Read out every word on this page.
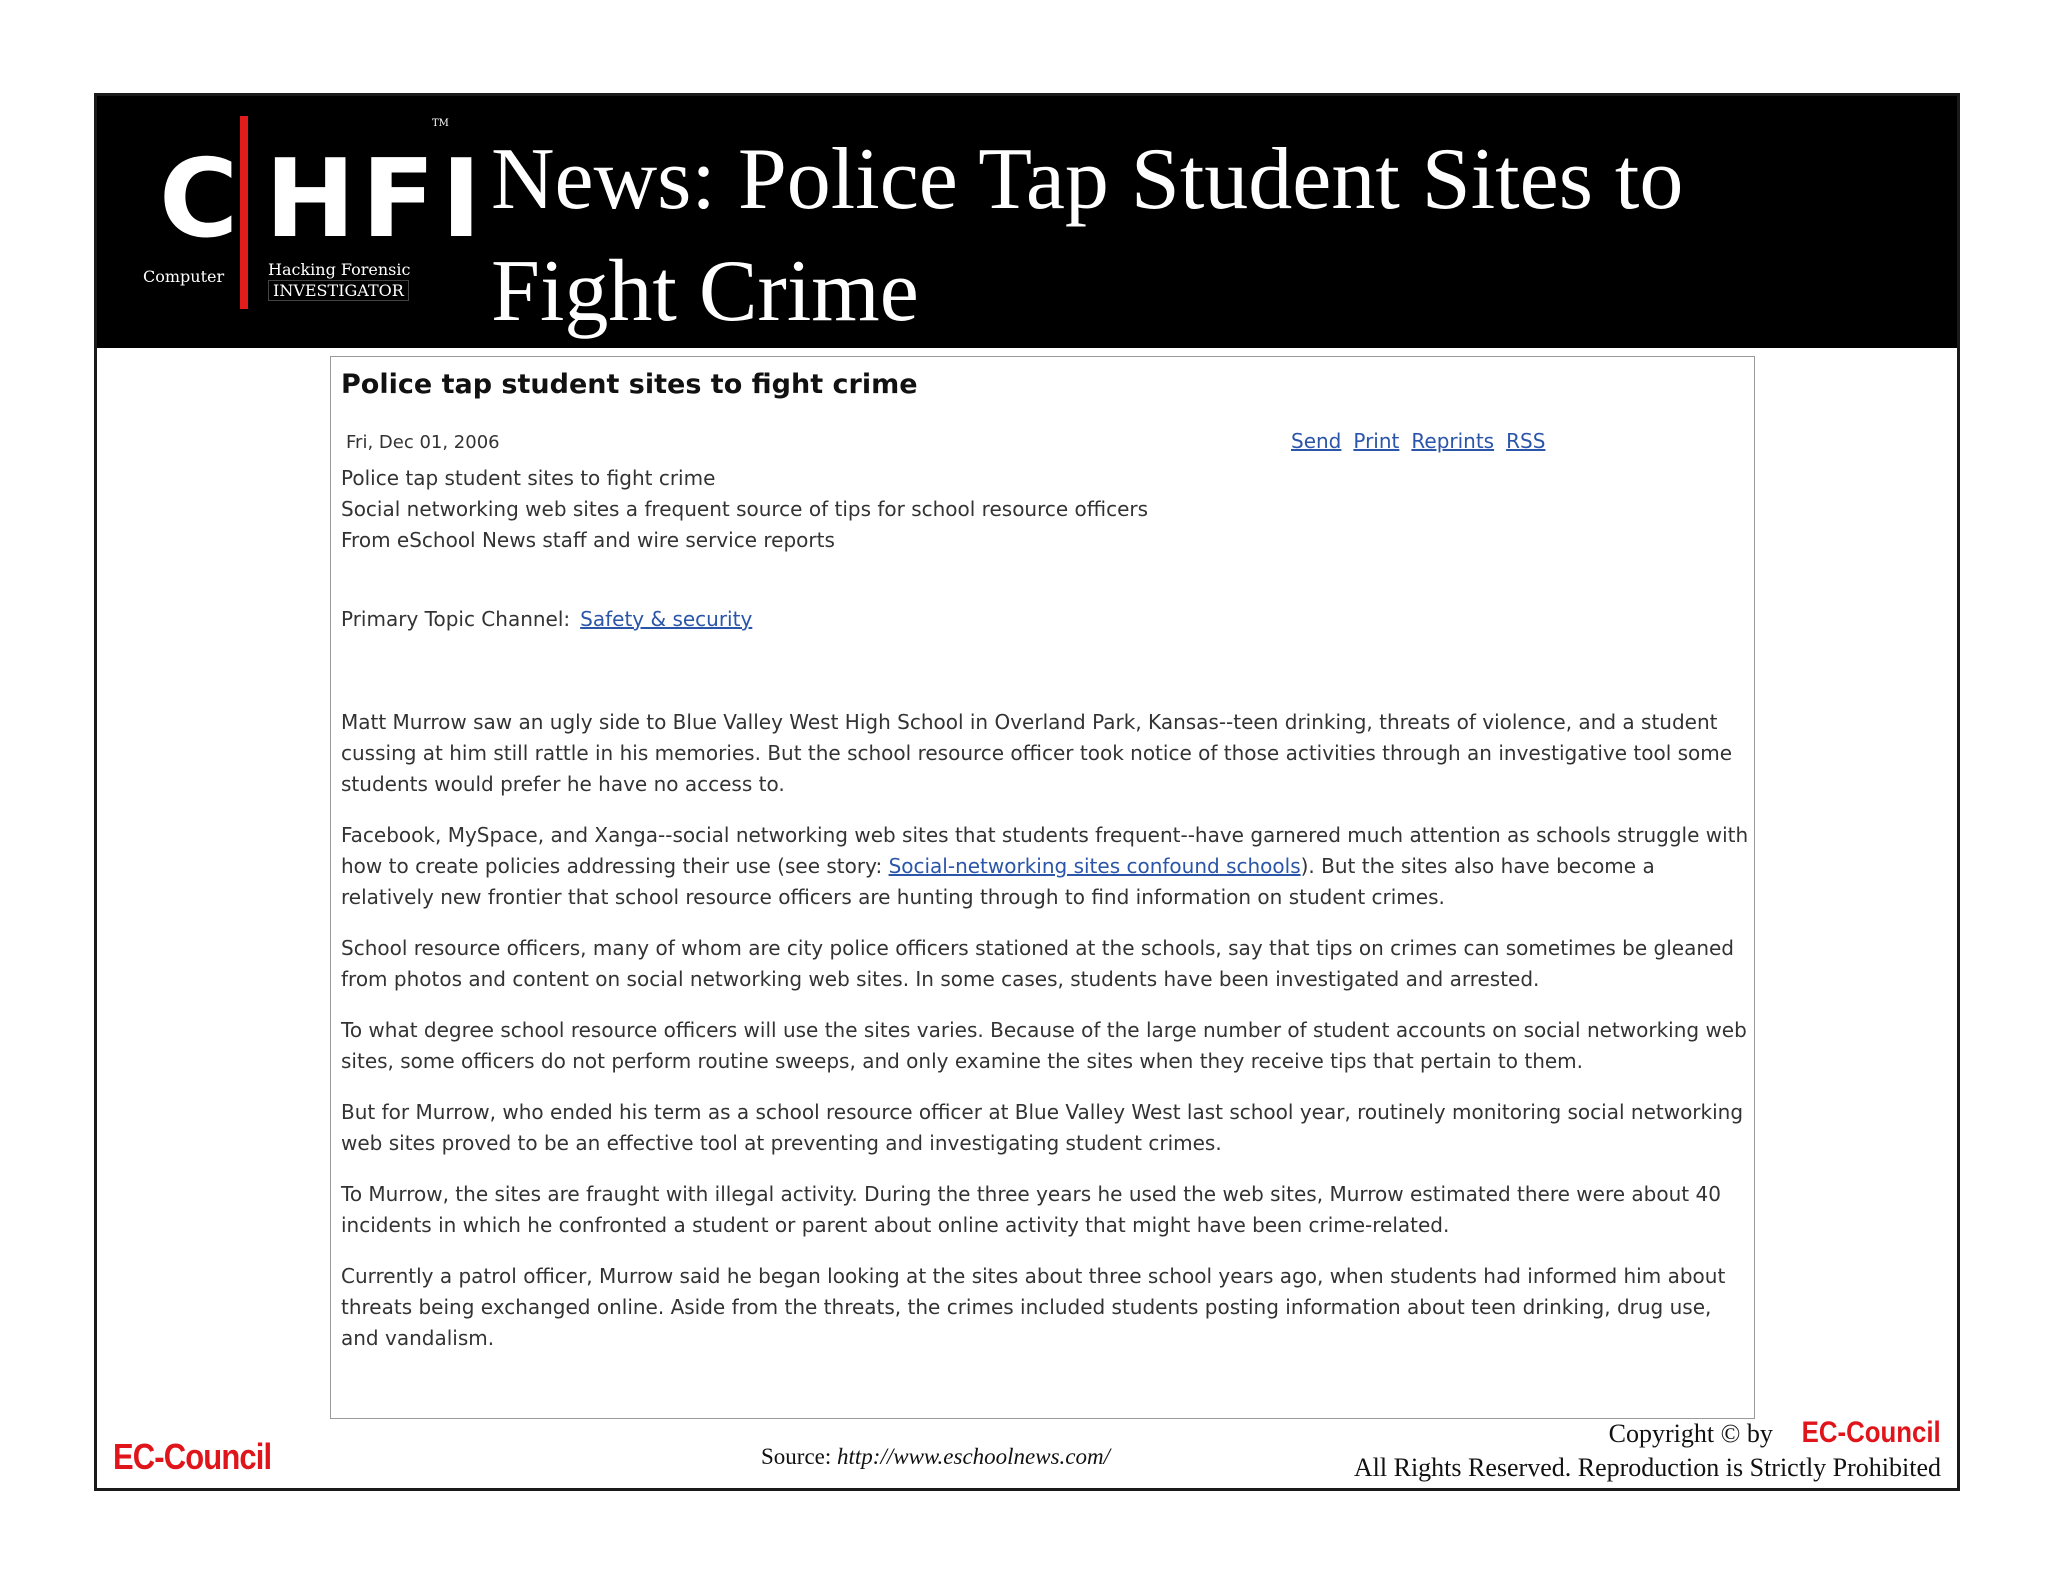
C HFI
TM
Computer	Hacking Forensic
INVESTIGATOR
News: Police Tap Student Sites to Fight Crime
Police tap student sites to fight crime
Fri, Dec 01, 2006	Send Print Reprints RSS
Police tap student sites to fight crime
Social networking web sites a frequent source of tips for school resource officers
From eSchool News staff and wire service reports
Primary Topic Channel: Safety & security

Matt Murrow saw an ugly side to Blue Valley West High School in Overland Park, Kansas--teen drinking, threats of violence, and a student cussing at him still rattle in his memories. But the school resource officer took notice of those activities through an investigative tool some students would prefer he have no access to.

Facebook, MySpace, and Xanga--social networking web sites that students frequent--have garnered much attention as schools struggle with how to create policies addressing their use (see story: Social-networking sites confound schools). But the sites also have become a relatively new frontier that school resource officers are hunting through to find information on student crimes.

School resource officers, many of whom are city police officers stationed at the schools, say that tips on crimes can sometimes be gleaned from photos and content on social networking web sites. In some cases, students have been investigated and arrested.

To what degree school resource officers will use the sites varies. Because of the large number of student accounts on social networking web sites, some officers do not perform routine sweeps, and only examine the sites when they receive tips that pertain to them.

But for Murrow, who ended his term as a school resource officer at Blue Valley West last school year, routinely monitoring social networking web sites proved to be an effective tool at preventing and investigating student crimes.

To Murrow, the sites are fraught with illegal activity. During the three years he used the web sites, Murrow estimated there were about 40 incidents in which he confronted a student or parent about online activity that might have been crime-related.

Currently a patrol officer, Murrow said he began looking at the sites about three school years ago, when students had informed him about threats being exchanged online. Aside from the threats, the crimes included students posting information about teen drinking, drug use, and vandalism.

EC-Council	Source: http://www.eschoolnews.com/
Copyright © by EC-Council
All Rights Reserved. Reproduction is Strictly Prohibited
